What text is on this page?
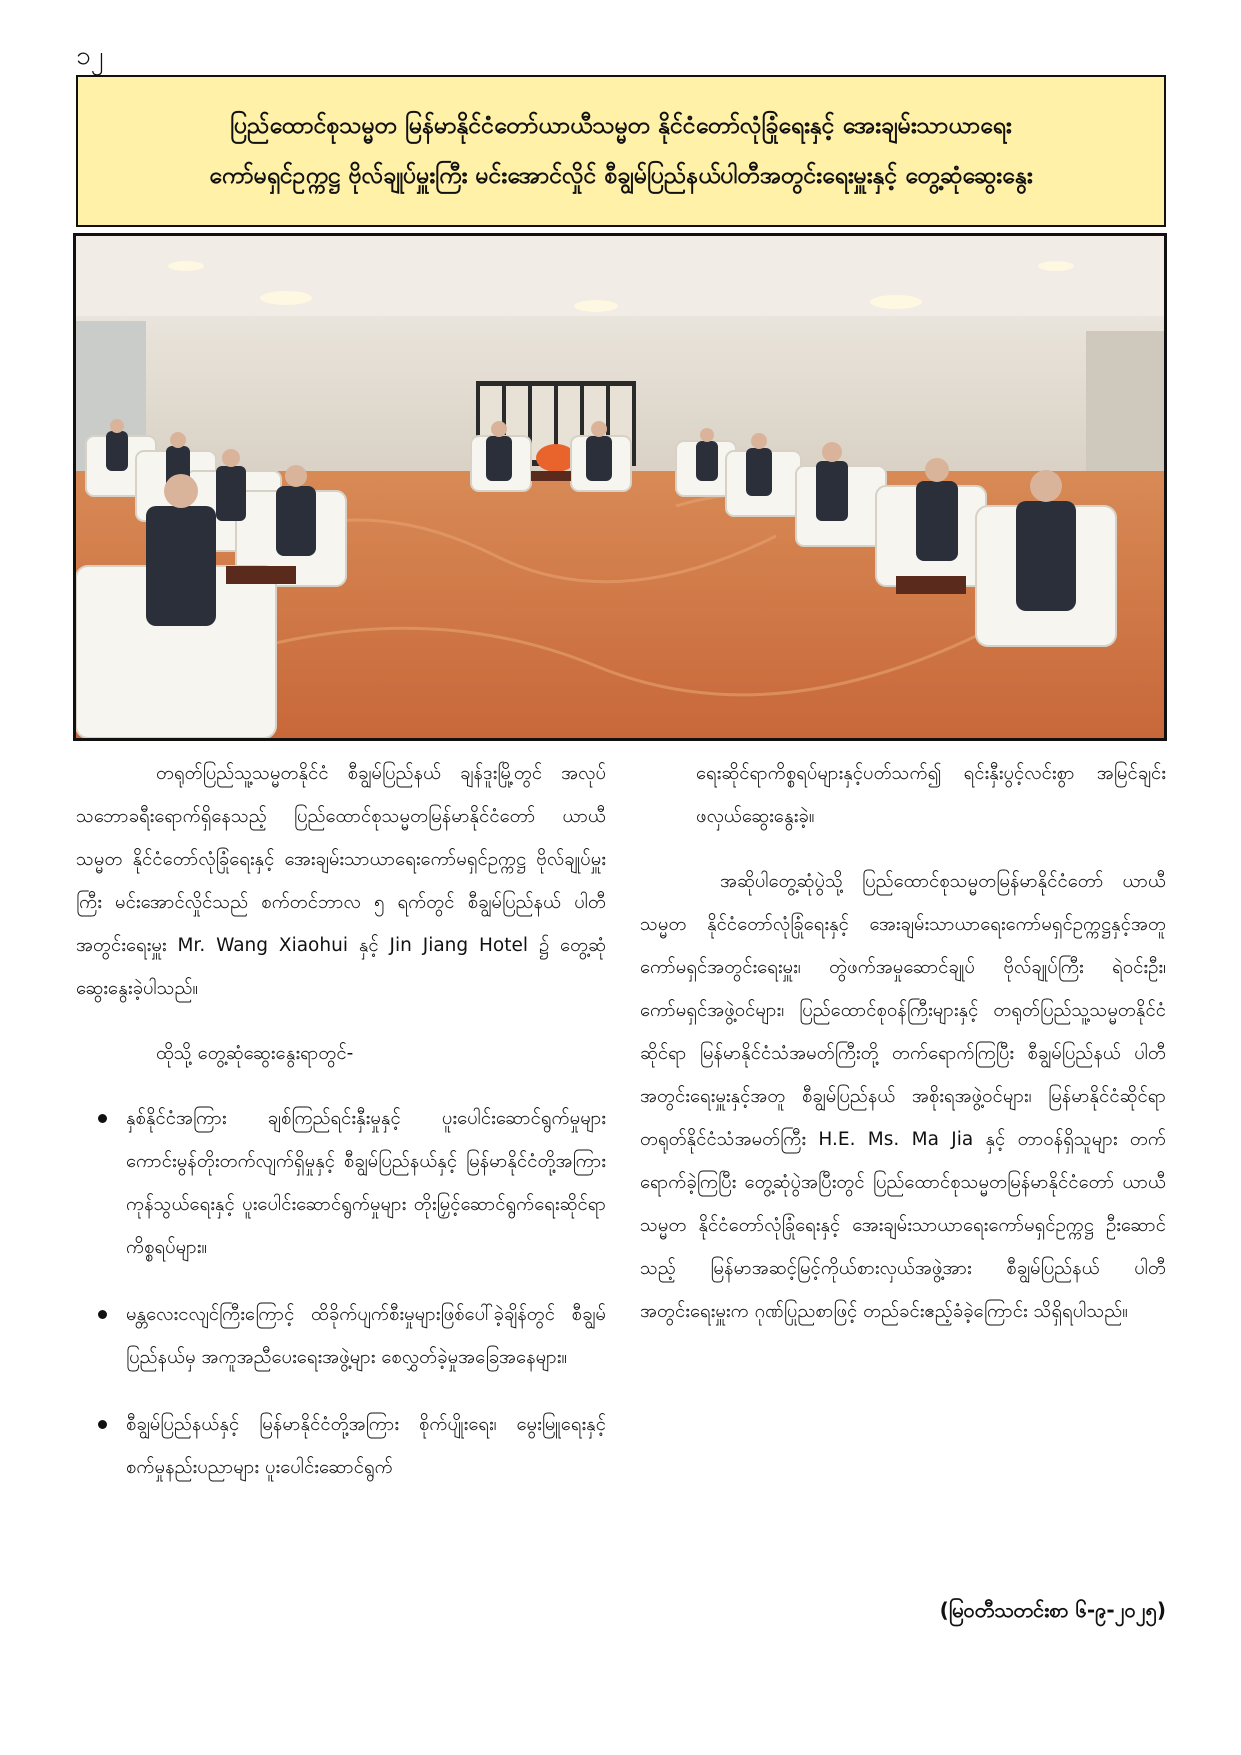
၁၂
ပြည်ထောင်စုသမ္မတ မြန်မာနိုင်ငံတော်ယာယီသမ္မတ နိုင်ငံတော်လုံခြုံရေးနှင့် အေးချမ်းသာယာရေး
ကော်မရှင်ဥက္ကဋ္ဌ ဗိုလ်ချုပ်မှူးကြီး မင်းအောင်လှိုင် စီချွမ်ပြည်နယ်ပါတီအတွင်းရေးမှူးနှင့် တွေ့ဆုံဆွေးနွေး

တရုတ်ပြည်သူ့သမ္မတနိုင်ငံ စီချွမ်ပြည်နယ် ချန်ဒူးမြို့တွင် အလုပ်သဘောခရီးရောက်ရှိနေသည့် ပြည်ထောင်စုသမ္မတမြန်မာနိုင်ငံတော် ယာယီသမ္မတ နိုင်ငံတော်လုံခြုံရေးနှင့် အေးချမ်းသာယာရေးကော်မရှင်ဥက္ကဋ္ဌ ဗိုလ်ချုပ်မှူးကြီး မင်းအောင်လှိုင်သည် စက်တင်ဘာလ ၅ ရက်တွင် စီချွမ်ပြည်နယ် ပါတီအတွင်းရေးမှူး Mr. Wang Xiaohui နှင့် Jin Jiang Hotel ၌ တွေ့ဆုံဆွေးနွေးခဲ့ပါသည်။

ထိုသို့ တွေ့ဆုံဆွေးနွေးရာတွင်-

နှစ်နိုင်ငံအကြား ချစ်ကြည်ရင်းနှီးမှုနှင့် ပူးပေါင်းဆောင်ရွက်မှုများ ကောင်းမွန်တိုးတက်လျက်ရှိမှုနှင့် စီချွမ်ပြည်နယ်နှင့် မြန်မာနိုင်ငံတို့အကြား ကုန်သွယ်ရေးနှင့် ပူးပေါင်းဆောင်ရွက်မှုများ တိုးမြှင့်ဆောင်ရွက်ရေးဆိုင်ရာ ကိစ္စရပ်များ။
မန္တလေးငလျင်ကြီးကြောင့် ထိခိုက်ပျက်စီးမှုများဖြစ်ပေါ်ခဲ့ချိန်တွင် စီချွမ်ပြည်နယ်မှ အကူအညီပေးရေးအဖွဲ့များ စေလွှတ်ခဲ့မှုအခြေအနေများ။
စီချွမ်ပြည်နယ်နှင့် မြန်မာနိုင်ငံတို့အကြား စိုက်ပျိုးရေး၊ မွေးမြူရေးနှင့် စက်မှုနည်းပညာများ ပူးပေါင်းဆောင်ရွက်

ရေးဆိုင်ရာကိစ္စရပ်များနှင့်ပတ်သက်၍ ရင်းနှီးပွင့်လင်းစွာ အမြင်ချင်းဖလှယ်ဆွေးနွေးခဲ့။

အဆိုပါတွေ့ဆုံပွဲသို့ ပြည်ထောင်စုသမ္မတမြန်မာနိုင်ငံတော် ယာယီသမ္မတ နိုင်ငံတော်လုံခြုံရေးနှင့် အေးချမ်းသာယာရေးကော်မရှင်ဥက္ကဋ္ဌနှင့်အတူ ကော်မရှင်အတွင်းရေးမှူး၊ တွဲဖက်အမှုဆောင်ချုပ် ဗိုလ်ချုပ်ကြီး ရဲဝင်းဦး၊ ကော်မရှင်အဖွဲ့ဝင်များ၊ ပြည်ထောင်စုဝန်ကြီးများနှင့် တရုတ်ပြည်သူ့သမ္မတနိုင်ငံဆိုင်ရာ မြန်မာနိုင်ငံသံအမတ်ကြီးတို့ တက်ရောက်ကြပြီး စီချွမ်ပြည်နယ် ပါတီအတွင်းရေးမှူးနှင့်အတူ စီချွမ်ပြည်နယ် အစိုးရအဖွဲ့ဝင်များ၊ မြန်မာနိုင်ငံဆိုင်ရာ တရုတ်နိုင်ငံသံအမတ်ကြီး H.E. Ms. Ma Jia နှင့် တာဝန်ရှိသူများ တက်ရောက်ခဲ့ကြပြီး တွေ့ဆုံပွဲအပြီးတွင် ပြည်ထောင်စုသမ္မတမြန်မာနိုင်ငံတော် ယာယီသမ္မတ နိုင်ငံတော်လုံခြုံရေးနှင့် အေးချမ်းသာယာရေးကော်မရှင်ဥက္ကဋ္ဌ ဦးဆောင်သည့် မြန်မာအဆင့်မြင့်ကိုယ်စားလှယ်အဖွဲ့အား စီချွမ်ပြည်နယ် ပါတီအတွင်းရေးမှူးက ဂုဏ်ပြုညစာဖြင့် တည်ခင်းဧည့်ခံခဲ့ကြောင်း သိရှိရပါသည်။

(မြဝတီသတင်းစာ ၆-၉-၂၀၂၅)
